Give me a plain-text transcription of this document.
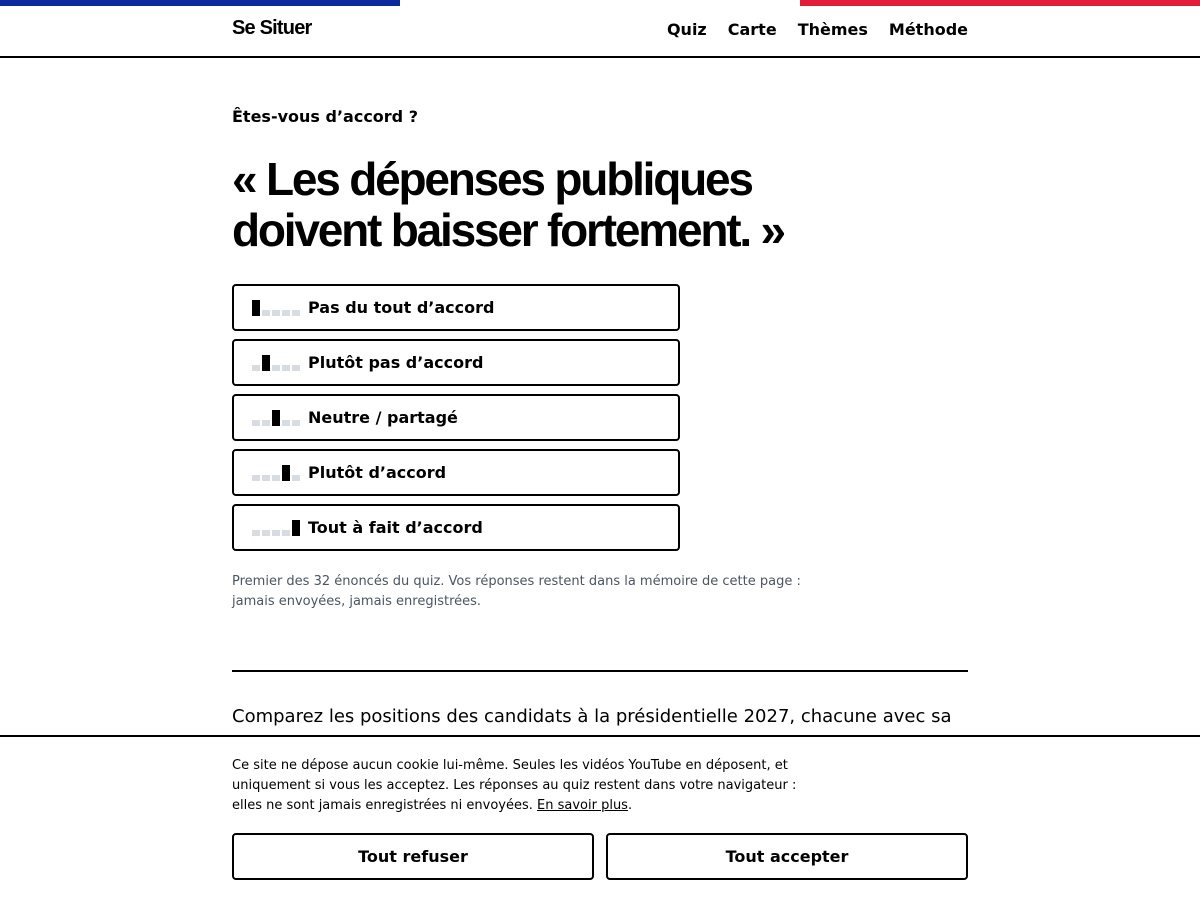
Se Situer	Quiz Carte Thèmes Méthode
Êtes-vous d’accord ?
« Les dépenses publiques doivent baisser fortement. »
Pas du tout d’accord
Plutôt pas d’accord
Neutre / partagé
Plutôt d’accord
Tout à fait d’accord

Premier des 32 énoncés du quiz. Vos réponses restent dans la mémoire de cette page : jamais envoyées, jamais enregistrées.

Comparez les positions des candidats à la présidentielle 2027, chacune avec sa

Ce site ne dépose aucun cookie lui-même. Seules les vidéos YouTube en déposent, et uniquement si vous les acceptez. Les réponses au quiz restent dans votre navigateur : elles ne sont jamais enregistrées ni envoyées. En savoir plus.

Tout refuser	Tout accepter
